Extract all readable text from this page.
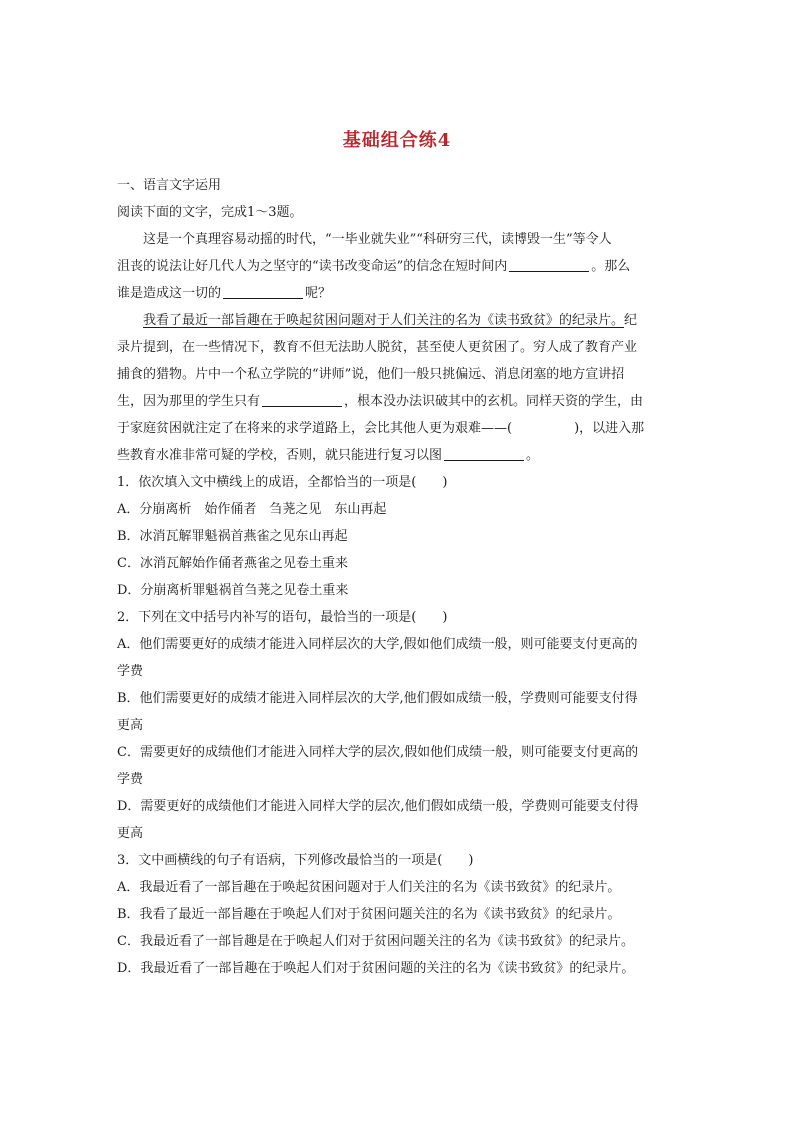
基础组合练4
一、语言文字运用
阅读下面的文字，完成1～3题。
这是一个真理容易动摇的时代，“一毕业就失业”“科研穷三代，读博毁一生”等令人
沮丧的说法让好几代人为之坚守的“读书改变命运”的信念在短时间内	。那么
谁是造成这一切的	呢？
我看了最近一部旨趣在于唤起贫困问题对于人们关注的名为《读书致贫》的纪录片。纪
录片提到，在一些情况下，教育不但无法助人脱贫，甚至使人更贫困了。穷人成了教育产业
捕食的猎物。片中一个私立学院的“讲师”说，他们一般只挑偏远、消息闭塞的地方宣讲招
生，因为那里的学生只有	，根本没办法识破其中的玄机。同样天资的学生，由
于家庭贫困就注定了在将来的求学道路上，会比其他人更为艰难——(	)，以进入那
些教育水准非常可疑的学校，否则，就只能进行复习以图	。
1．依次填入文中横线上的成语，全都恰当的一项是(　　)
A．分崩离析　始作俑者　刍荛之见　东山再起
B．冰消瓦解罪魁祸首燕雀之见东山再起
C．冰消瓦解始作俑者燕雀之见卷土重来
D．分崩离析罪魁祸首刍荛之见卷土重来
2．下列在文中括号内补写的语句，最恰当的一项是(　　)
A．他们需要更好的成绩才能进入同样层次的大学,假如他们成绩一般，则可能要支付更高的
学费
B．他们需要更好的成绩才能进入同样层次的大学,他们假如成绩一般，学费则可能要支付得
更高
C．需要更好的成绩他们才能进入同样大学的层次,假如他们成绩一般，则可能要支付更高的
学费
D．需要更好的成绩他们才能进入同样大学的层次,他们假如成绩一般，学费则可能要支付得
更高
3．文中画横线的句子有语病，下列修改最恰当的一项是(　　)
A．我最近看了一部旨趣在于唤起贫困问题对于人们关注的名为《读书致贫》的纪录片。
B．我看了最近一部旨趣在于唤起人们对于贫困问题关注的名为《读书致贫》的纪录片。
C．我最近看了一部旨趣是在于唤起人们对于贫困问题关注的名为《读书致贫》的纪录片。
D．我最近看了一部旨趣在于唤起人们对于贫困问题的关注的名为《读书致贫》的纪录片。
